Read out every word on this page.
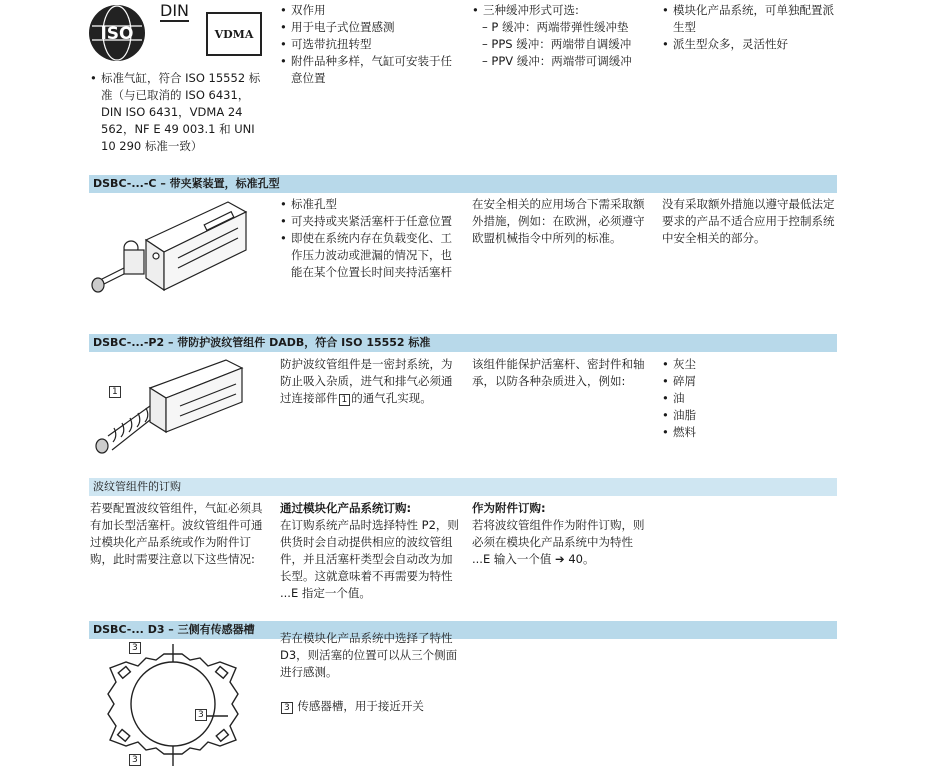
ISO
DIN
VDMA

• 标准气缸，符合 ISO 15552 标准（与已取消的 ISO 6431，DIN ISO 6431，VDMA 24 562，NF E 49 003.1 和 UNI 10 290 标准一致）

• 双作用

• 用于电子式位置感测

• 可选带抗扭转型

• 附件品种多样，气缸可安装于任意位置

• 三种缓冲形式可选:

– P 缓冲：两端带弹性缓冲垫

– PPS 缓冲：两端带自调缓冲

– PPV 缓冲：两端带可调缓冲

• 模块化产品系统，可单独配置派生型

• 派生型众多，灵活性好

DSBC-...-C – 带夹紧装置，标准孔型

• 标准孔型

• 可夹持或夹紧活塞杆于任意位置

• 即使在系统内存在负载变化、工作压力波动或泄漏的情况下，也能在某个位置长时间夹持活塞杆

在安全相关的应用场合下需采取额外措施，例如：在欧洲，必须遵守欧盟机械指令中所列的标准。
没有采取额外措施以遵守最低法定要求的产品不适合应用于控制系统中安全相关的部分。
DSBC-...-P2 – 带防护波纹管组件 DADB，符合 ISO 15552 标准
1
防护波纹管组件是一密封系统，为防止吸入杂质，进气和排气必须通过连接部件 1 的通气孔实现。
该组件能保护活塞杆、密封件和轴承，以防各种杂质进入，例如:

• 灰尘

• 碎屑

• 油

• 油脂

• 燃料

波纹管组件的订购
若要配置波纹管组件，气缸必须具有加长型活塞杆。波纹管组件可通过模块化产品系统或作为附件订购，此时需要注意以下这些情况:

通过模块化产品系统订购:

在订购系统产品时选择特性 P2，则供货时会自动提供相应的波纹管组件，并且活塞杆类型会自动改为加长型。这就意味着不再需要为特性 ...E 指定一个值。

作为附件订购:

若将波纹管组件作为附件订购，则必须在模块化产品系统中为特性 ...E 输入一个值 ➔ 40。

DSBC-... D3 – 三侧有传感器槽
3
3
3

若在模块化产品系统中选择了特性 D3，则活塞的位置可以从三个侧面进行感测。

3 传感器槽，用于接近开关
